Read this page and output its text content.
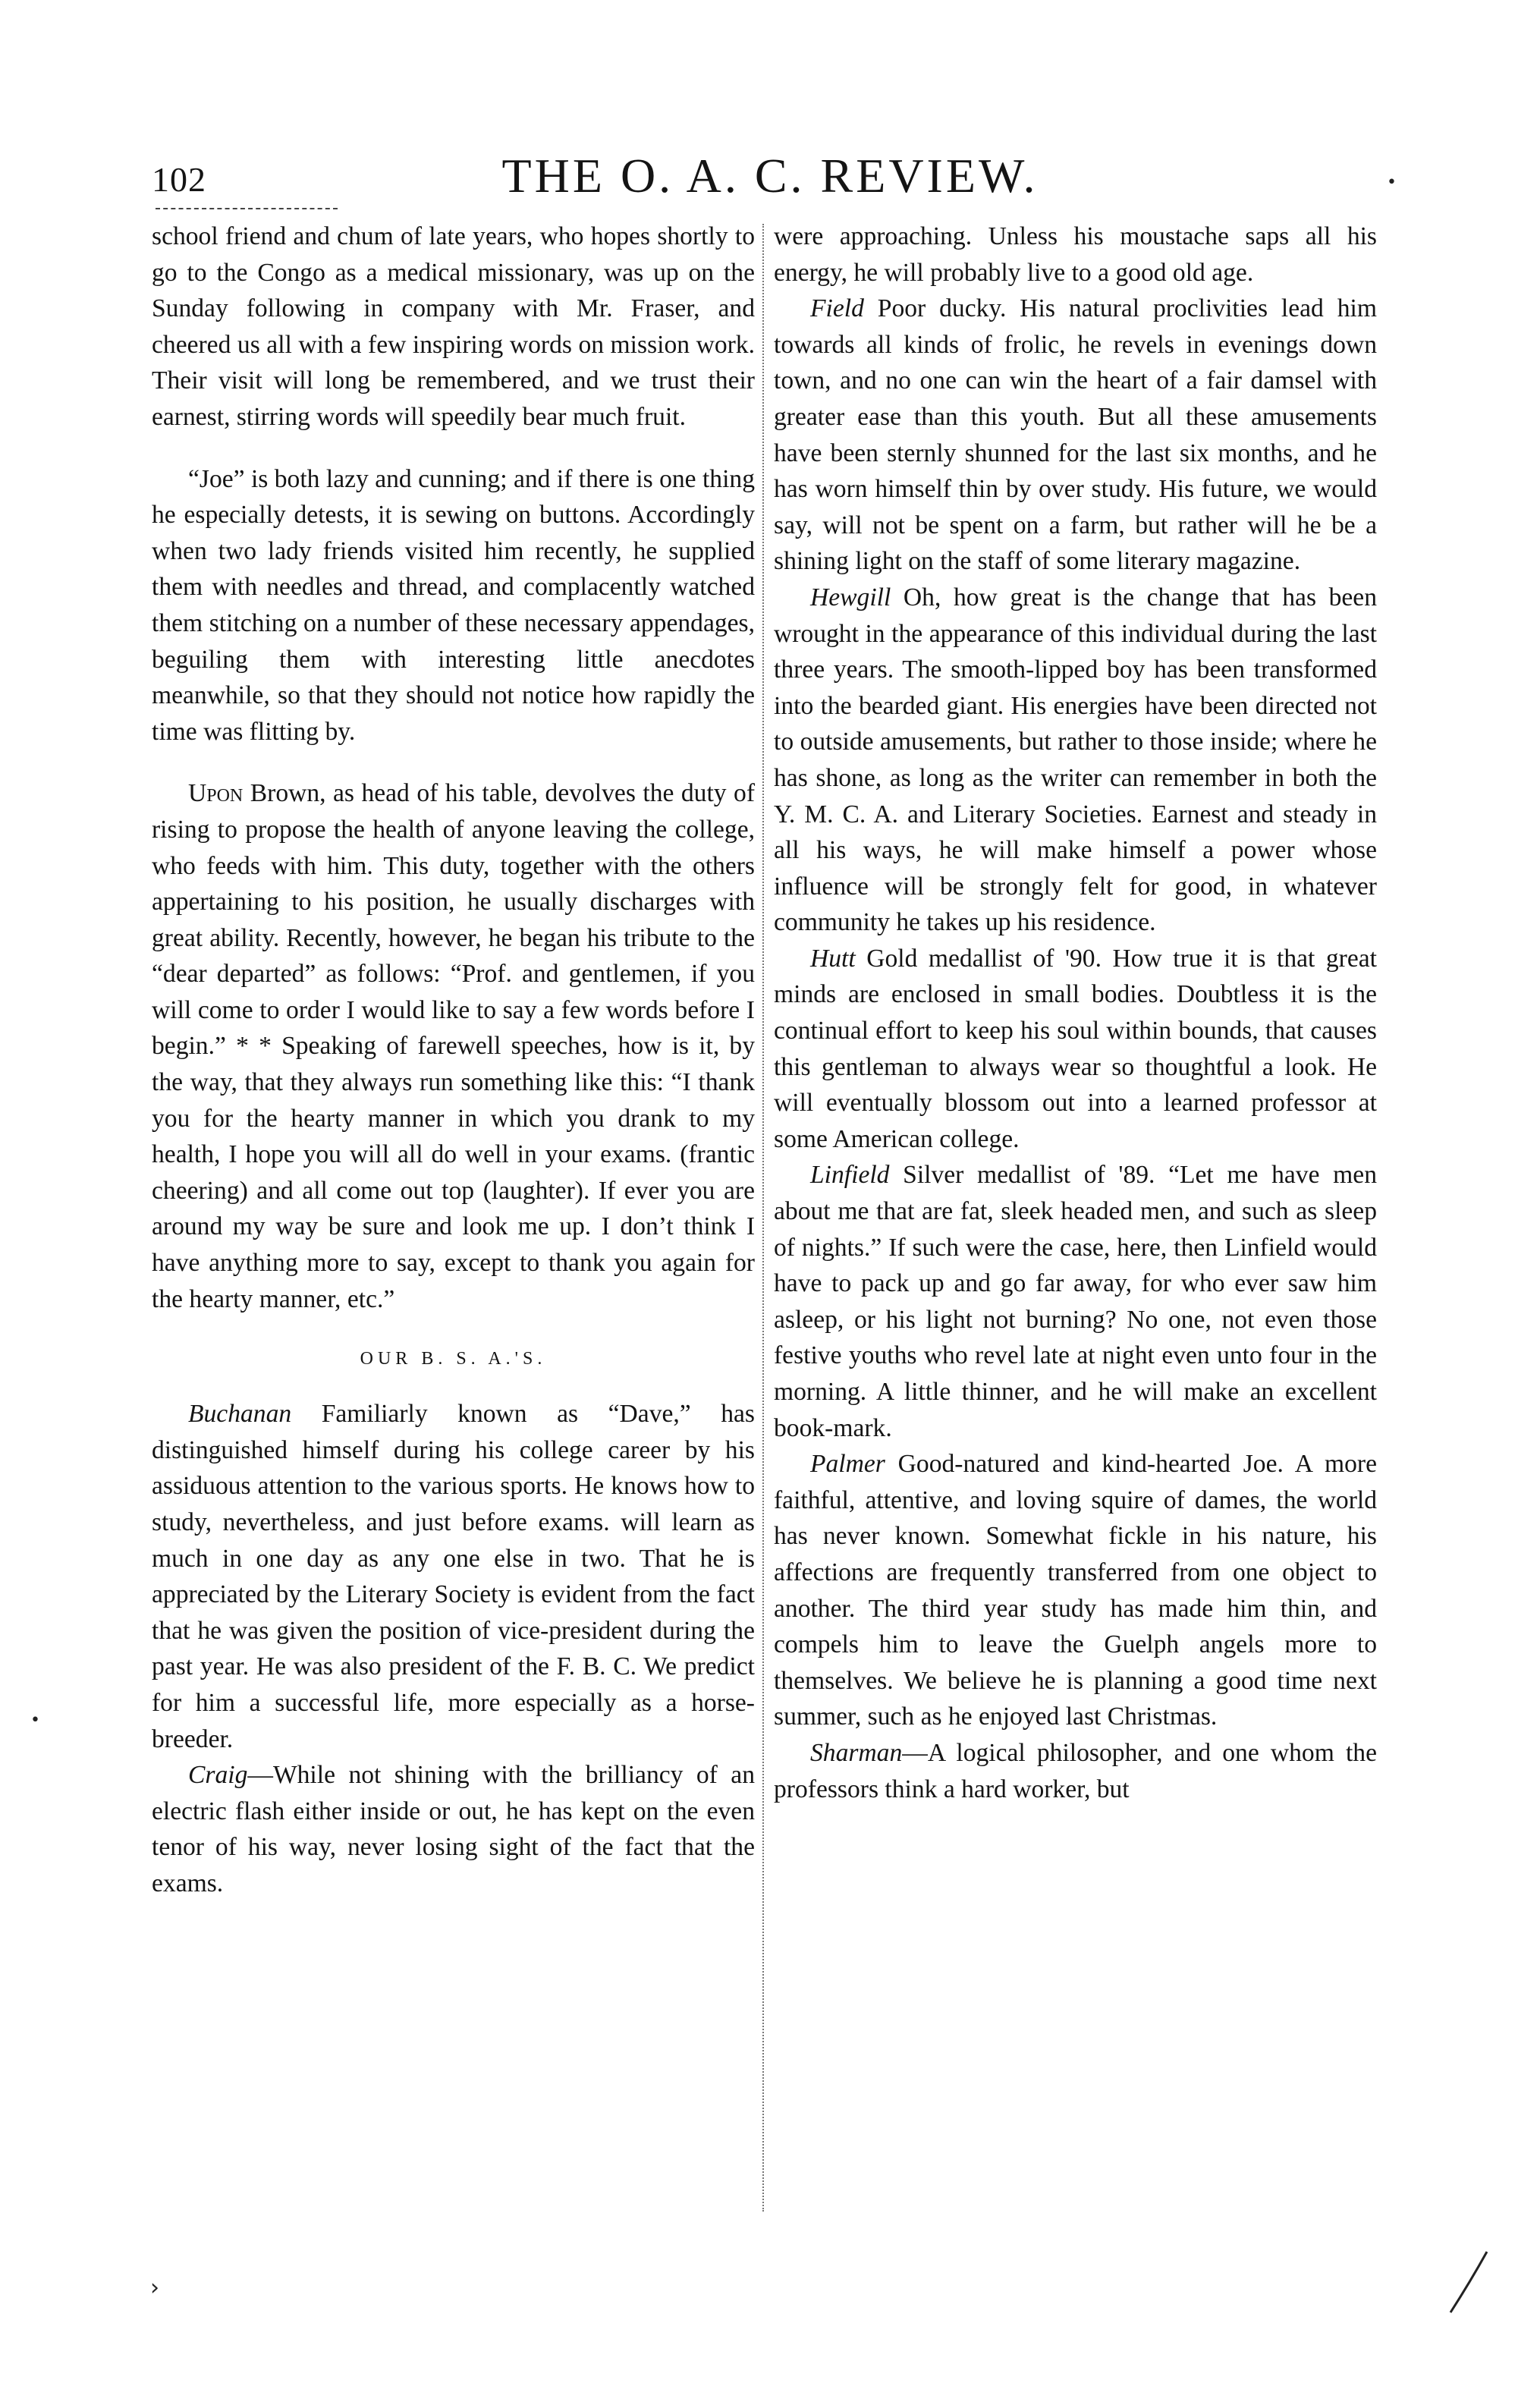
102	THE O. A. C. REVIEW.

school friend and chum of late years, who hopes shortly to go to the Congo as a medical missionary, was up on the Sunday following in company with Mr. Fraser, and cheered us all with a few inspiring words on mission work. Their visit will long be remembered, and we trust their earnest, stirring words will speedily bear much fruit.

“Joe” is both lazy and cunning; and if there is one thing he especially detests, it is sewing on buttons. Accordingly when two lady friends visited him recently, he supplied them with needles and thread, and complacently watched them stitching on a number of these necessary appendages, beguiling them with interesting little anecdotes meanwhile, so that they should not notice how rapidly the time was flitting by.

Upon Brown, as head of his table, devolves the duty of rising to propose the health of anyone leaving the college, who feeds with him. This duty, together with the others appertaining to his position, he usually discharges with great ability. Recently, however, he began his tribute to the “dear departed” as follows: “Prof. and gentlemen, if you will come to order I would like to say a few words before I begin.” * * Speaking of farewell speeches, how is it, by the way, that they always run something like this: “I thank you for the hearty manner in which you drank to my health, I hope you will all do well in your exams. (frantic cheering) and all come out top (laughter). If ever you are around my way be sure and look me up. I don’t think I have anything more to say, except to thank you again for the hearty manner, etc.”

OUR B. S. A.'S.

Buchanan Familiarly known as “Dave,” has distinguished himself during his college career by his assiduous attention to the various sports. He knows how to study, nevertheless, and just before exams. will learn as much in one day as any one else in two. That he is appreciated by the Literary Society is evident from the fact that he was given the position of vice-president during the past year. He was also president of the F. B. C. We predict for him a successful life, more especially as a horse-breeder.

Craig—While not shining with the brilliancy of an electric flash either inside or out, he has kept on the even tenor of his way, never losing sight of the fact that the exams.

were approaching. Unless his moustache saps all his energy, he will probably live to a good old age.

Field Poor ducky. His natural proclivities lead him towards all kinds of frolic, he revels in evenings down town, and no one can win the heart of a fair damsel with greater ease than this youth. But all these amusements have been sternly shunned for the last six months, and he has worn himself thin by over study. His future, we would say, will not be spent on a farm, but rather will he be a shining light on the staff of some literary magazine.

Hewgill Oh, how great is the change that has been wrought in the appearance of this individual during the last three years. The smooth-lipped boy has been transformed into the bearded giant. His energies have been directed not to outside amusements, but rather to those inside; where he has shone, as long as the writer can remember in both the Y. M. C. A. and Literary Societies. Earnest and steady in all his ways, he will make himself a power whose influence will be strongly felt for good, in whatever community he takes up his residence.

Hutt Gold medallist of '90. How true it is that great minds are enclosed in small bodies. Doubtless it is the continual effort to keep his soul within bounds, that causes this gentleman to always wear so thoughtful a look. He will eventually blossom out into a learned professor at some American college.

Linfield Silver medallist of '89. “Let me have men about me that are fat, sleek headed men, and such as sleep of nights.” If such were the case, here, then Linfield would have to pack up and go far away, for who ever saw him asleep, or his light not burning? No one, not even those festive youths who revel late at night even unto four in the morning. A little thinner, and he will make an excellent book-mark.

Palmer Good-natured and kind-hearted Joe. A more faithful, attentive, and loving squire of dames, the world has never known. Somewhat fickle in his nature, his affections are frequently transferred from one object to another. The third year study has made him thin, and compels him to leave the Guelph angels more to themselves. We believe he is planning a good time next summer, such as he enjoyed last Christmas.

Sharman—A logical philosopher, and one whom the professors think a hard worker, but

•
•
›
